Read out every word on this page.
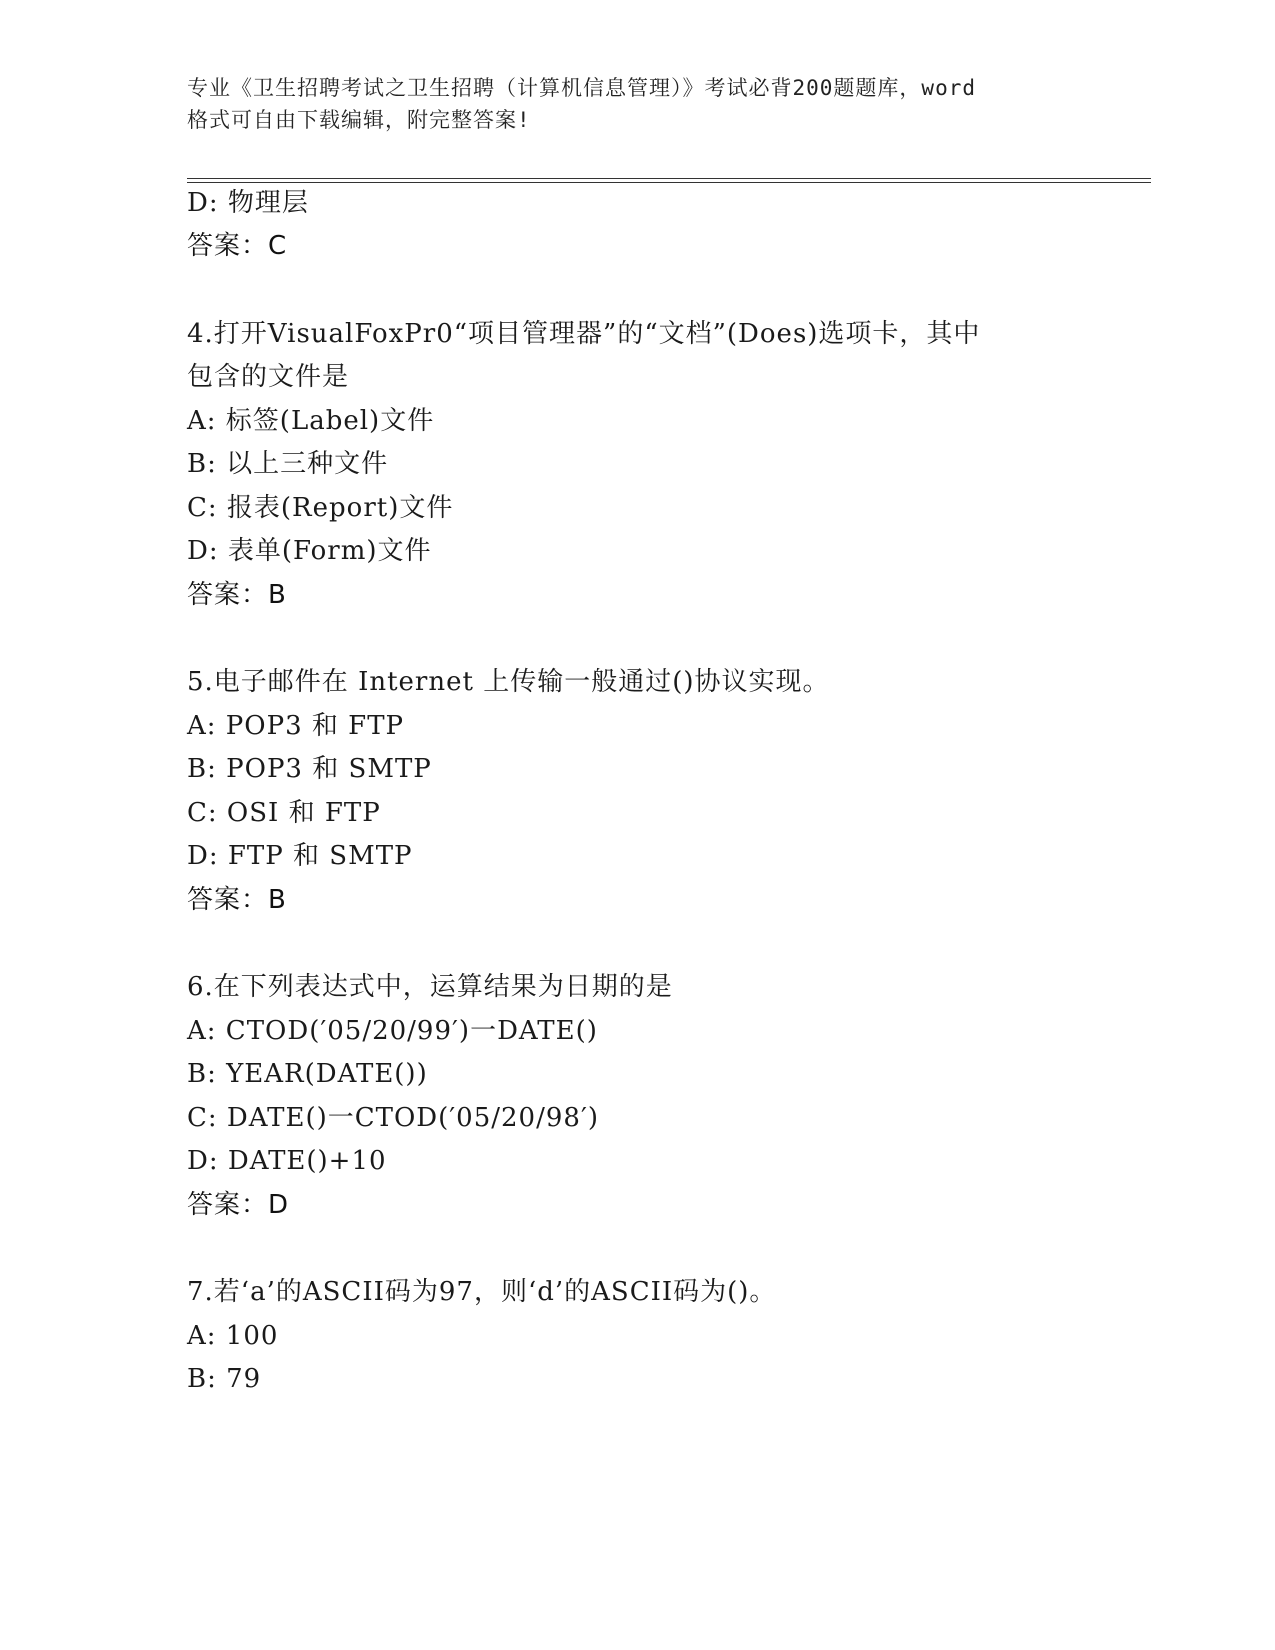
专业《卫生招聘考试之卫生招聘（计算机信息管理）》考试必背200题题库，word
格式可自由下载编辑，附完整答案!
D: 物理层
答案：C
4.打开VisualFoxPr0“项目管理器”的“文档”(Does)选项卡，其中
包含的文件是
A: 标签(Label)文件
B: 以上三种文件
C: 报表(Report)文件
D: 表单(Form)文件
答案：B
5.电子邮件在 Internet 上传输一般通过()协议实现。
A: POP3 和 FTP
B: POP3 和 SMTP
C: OSI 和 FTP
D: FTP 和 SMTP
答案：B
6.在下列表达式中，运算结果为日期的是
A: CTOD(′05/20/99′)一DATE()
B: YEAR(DATE())
C: DATE()一CTOD(′05/20/98′)
D: DATE()+10
答案：D
7.若‘a’的ASCII码为97，则‘d’的ASCII码为()。
A: 100
B: 79
